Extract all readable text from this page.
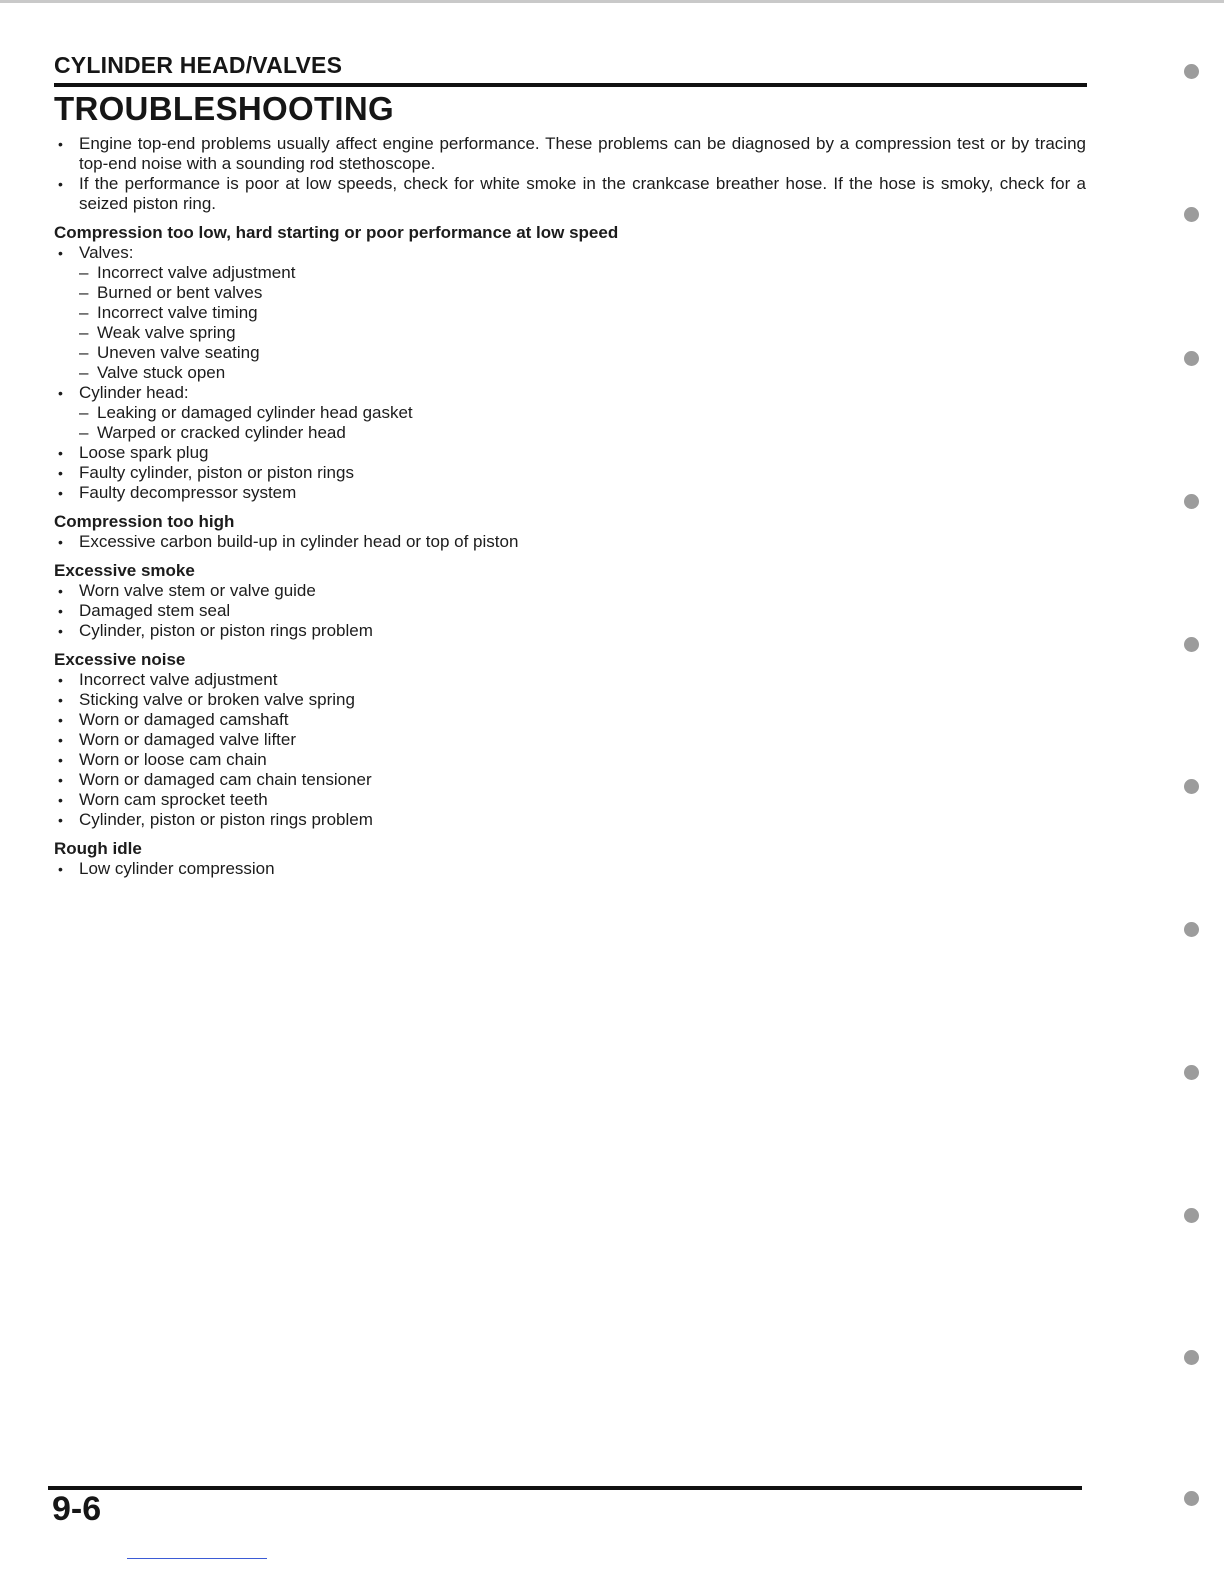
CYLINDER HEAD/VALVES
TROUBLESHOOTING
• Engine top-end problems usually affect engine performance. These problems can be diagnosed by a compression test or by tracing top-end noise with a sounding rod stethoscope.
• If the performance is poor at low speeds, check for white smoke in the crankcase breather hose. If the hose is smoky, check for a seized piston ring.
Compression too low, hard starting or poor performance at low speed
• Valves:
– Incorrect valve adjustment
– Burned or bent valves
– Incorrect valve timing
– Weak valve spring
– Uneven valve seating
– Valve stuck open
• Cylinder head:
– Leaking or damaged cylinder head gasket
– Warped or cracked cylinder head
• Loose spark plug
• Faulty cylinder, piston or piston rings
• Faulty decompressor system
Compression too high
• Excessive carbon build-up in cylinder head or top of piston
Excessive smoke
• Worn valve stem or valve guide
• Damaged stem seal
• Cylinder, piston or piston rings problem
Excessive noise
• Incorrect valve adjustment
• Sticking valve or broken valve spring
• Worn or damaged camshaft
• Worn or damaged valve lifter
• Worn or loose cam chain
• Worn or damaged cam chain tensioner
• Worn cam sprocket teeth
• Cylinder, piston or piston rings problem
Rough idle
• Low cylinder compression
9-6
